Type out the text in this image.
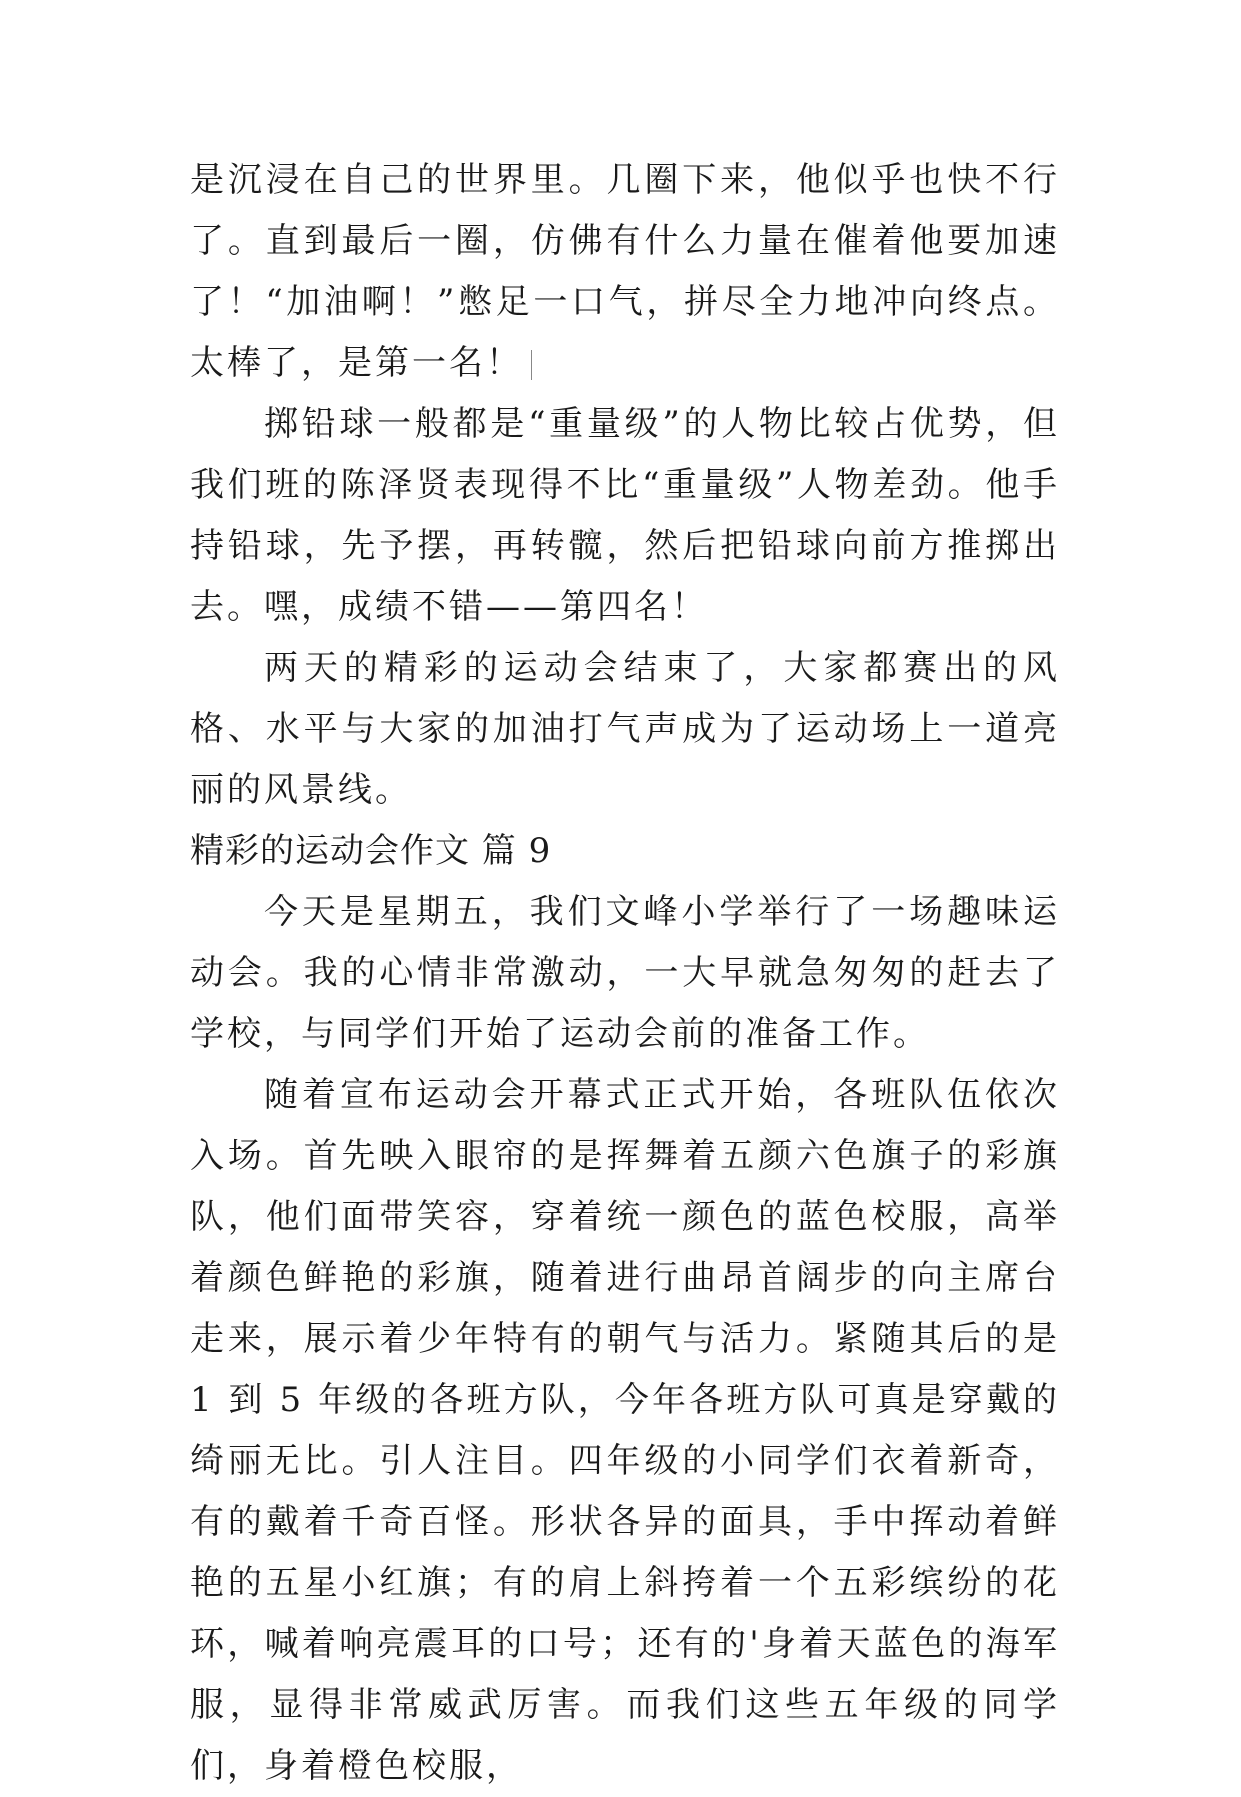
是沉浸在自己的世界里。几圈下来，他似乎也快不行了。直到最后一圈，仿佛有什么力量在催着他要加速了！“加油啊！”憋足一口气，拼尽全力地冲向终点。太棒了，是第一名！

掷铅球一般都是“重量级”的人物比较占优势，但我们班的陈泽贤表现得不比“重量级”人物差劲。他手持铅球，先予摆，再转髋，然后把铅球向前方推掷出去。嘿，成绩不错——第四名！

两天的精彩的运动会结束了，大家都赛出的风格、水平与大家的加油打气声成为了运动场上一道亮丽的风景线。

精彩的运动会作文 篇 9

今天是星期五，我们文峰小学举行了一场趣味运动会。我的心情非常激动，一大早就急匆匆的赶去了学校，与同学们开始了运动会前的准备工作。

随着宣布运动会开幕式正式开始，各班队伍依次入场。首先映入眼帘的是挥舞着五颜六色旗子的彩旗队，他们面带笑容，穿着统一颜色的蓝色校服，高举着颜色鲜艳的彩旗，随着进行曲昂首阔步的向主席台走来，展示着少年特有的朝气与活力。紧随其后的是 1 到 5 年级的各班方队，今年各班方队可真是穿戴的绮丽无比。引人注目。四年级的小同学们衣着新奇，有的戴着千奇百怪。形状各异的面具，手中挥动着鲜艳的五星小红旗；有的肩上斜挎着一个五彩缤纷的花环，喊着响亮震耳的口号；还有的'身着天蓝色的海军服，显得非常威武厉害。而我们这些五年级的同学们，身着橙色校服，
